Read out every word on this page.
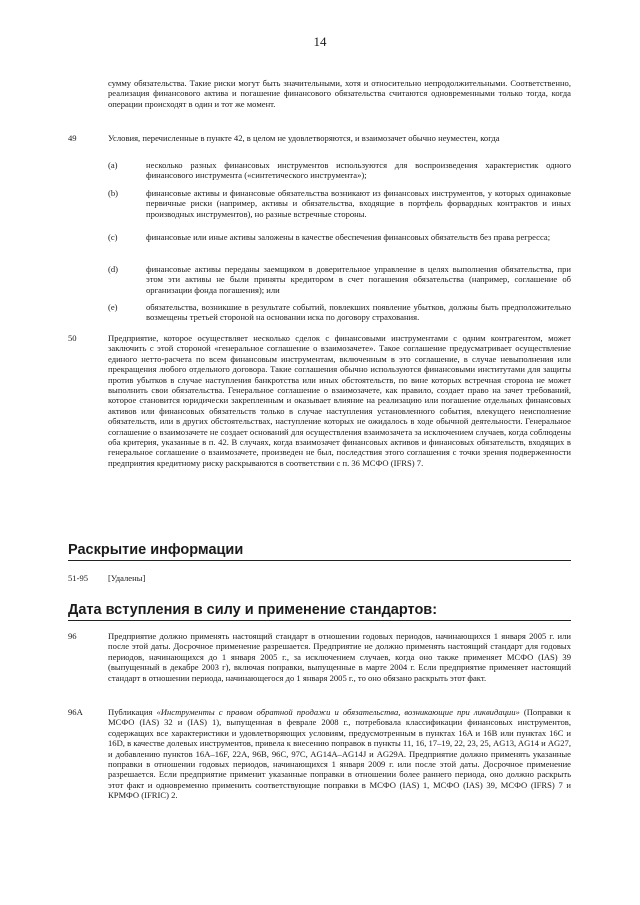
14
сумму обязательства. Такие риски могут быть значительными, хотя и относительно непродолжительными. Соответственно, реализация финансового актива и погашение финансового обязательства считаются одновременными только тогда, когда операции происходят в один и тот же момент.
49	Условия, перечисленные в пункте 42, в целом не удовлетворяются, и взаимозачет обычно неуместен, когда
(a)	несколько разных финансовых инструментов используются для воспроизведения характеристик одного финансового инструмента («синтетического инструмента»);
(b)	финансовые активы и финансовые обязательства возникают из финансовых инструментов, у которых одинаковые первичные риски (например, активы и обязательства, входящие в портфель форвардных контрактов и иных производных инструментов), но разные встречные стороны.
(c)	финансовые или иные активы заложены в качестве обеспечения финансовых обязательств без права регресса;
(d)	финансовые активы переданы заемщиком в доверительное управление в целях выполнения обязательства, при этом эти активы не были приняты кредитором в счет погашения обязательства (например, соглашение об организации фонда погашения); или
(e)	обязательства, возникшие в результате событий, повлекших появление убытков, должны быть предположительно возмещены третьей стороной на основании иска по договору страхования.
50	Предприятие, которое осуществляет несколько сделок с финансовыми инструментами с одним контрагентом, может заключить с этой стороной «генеральное соглашение о взаимозачете». Такое соглашение предусматривает осуществление единого нетто-расчета по всем финансовым инструментам, включенным в это соглашение, в случае невыполнения или прекращения любого отдельного договора. Такие соглашения обычно используются финансовыми институтами для защиты против убытков в случае наступления банкротства или иных обстоятельств, по вине которых встречная сторона не может выполнить свои обязательства. Генеральное соглашение о взаимозачете, как правило, создает право на зачет требований, которое становится юридически закрепленным и оказывает влияние на реализацию или погашение отдельных финансовых активов или финансовых обязательств только в случае наступления установленного события, влекущего неисполнение обязательств, или в других обстоятельствах, наступление которых не ожидалось в ходе обычной деятельности. Генеральное соглашение о взаимозачете не создает оснований для осуществления взаимозачета за исключением случаев, когда соблюдены оба критерия, указанные в п. 42. В случаях, когда взаимозачет финансовых активов и финансовых обязательств, входящих в генеральное соглашение о взаимозачете, произведен не был, последствия этого соглашения с точки зрения подверженности предприятия кредитному риску раскрываются в соответствии с п. 36 МСФО (IFRS) 7.
Раскрытие информации
51-95 [Удалены]
Дата вступления в силу и применение стандартов:
96	Предприятие должно применять настоящий стандарт в отношении годовых периодов, начинающихся 1 января 2005 г. или после этой даты. Досрочное применение разрешается. Предприятие не должно применять настоящий стандарт для годовых периодов, начинающихся до 1 января 2005 г., за исключением случаев, когда оно также применяет МСФО (IAS) 39 (выпущенный в декабре 2003 г), включая поправки, выпущенные в марте 2004 г. Если предприятие применяет настоящий стандарт в отношении периода, начинающегося до 1 января 2005 г., то оно обязано раскрыть этот факт.
96A	Публикация «Инструменты с правом обратной продажи и обязательства, возникающие при ликвидации» (Поправки к МСФО (IAS) 32 и (IAS) 1), выпущенная в феврале 2008 г., потребовала классификации финансовых инструментов, содержащих все характеристики и удовлетворяющих условиям, предусмотренным в пунктах 16A и 16B или пунктах 16C и 16D, в качестве долевых инструментов, привела к внесению поправок в пункты 11, 16, 17–19, 22, 23, 25, AG13, AG14 и AG27, и добавлению пунктов 16A–16F, 22A, 96B, 96C, 97C, AG14A–AG14J и AG29A. Предприятие должно применять указанные поправки в отношении годовых периодов, начинающихся 1 января 2009 г. или после этой даты. Досрочное применение разрешается. Если предприятие применит указанные поправки в отношении более раннего периода, оно должно раскрыть этот факт и одновременно применить соответствующие поправки в МСФО (IAS) 1, МСФО (IAS) 39, МСФО (IFRS) 7 и КРМФО (IFRIC) 2.
